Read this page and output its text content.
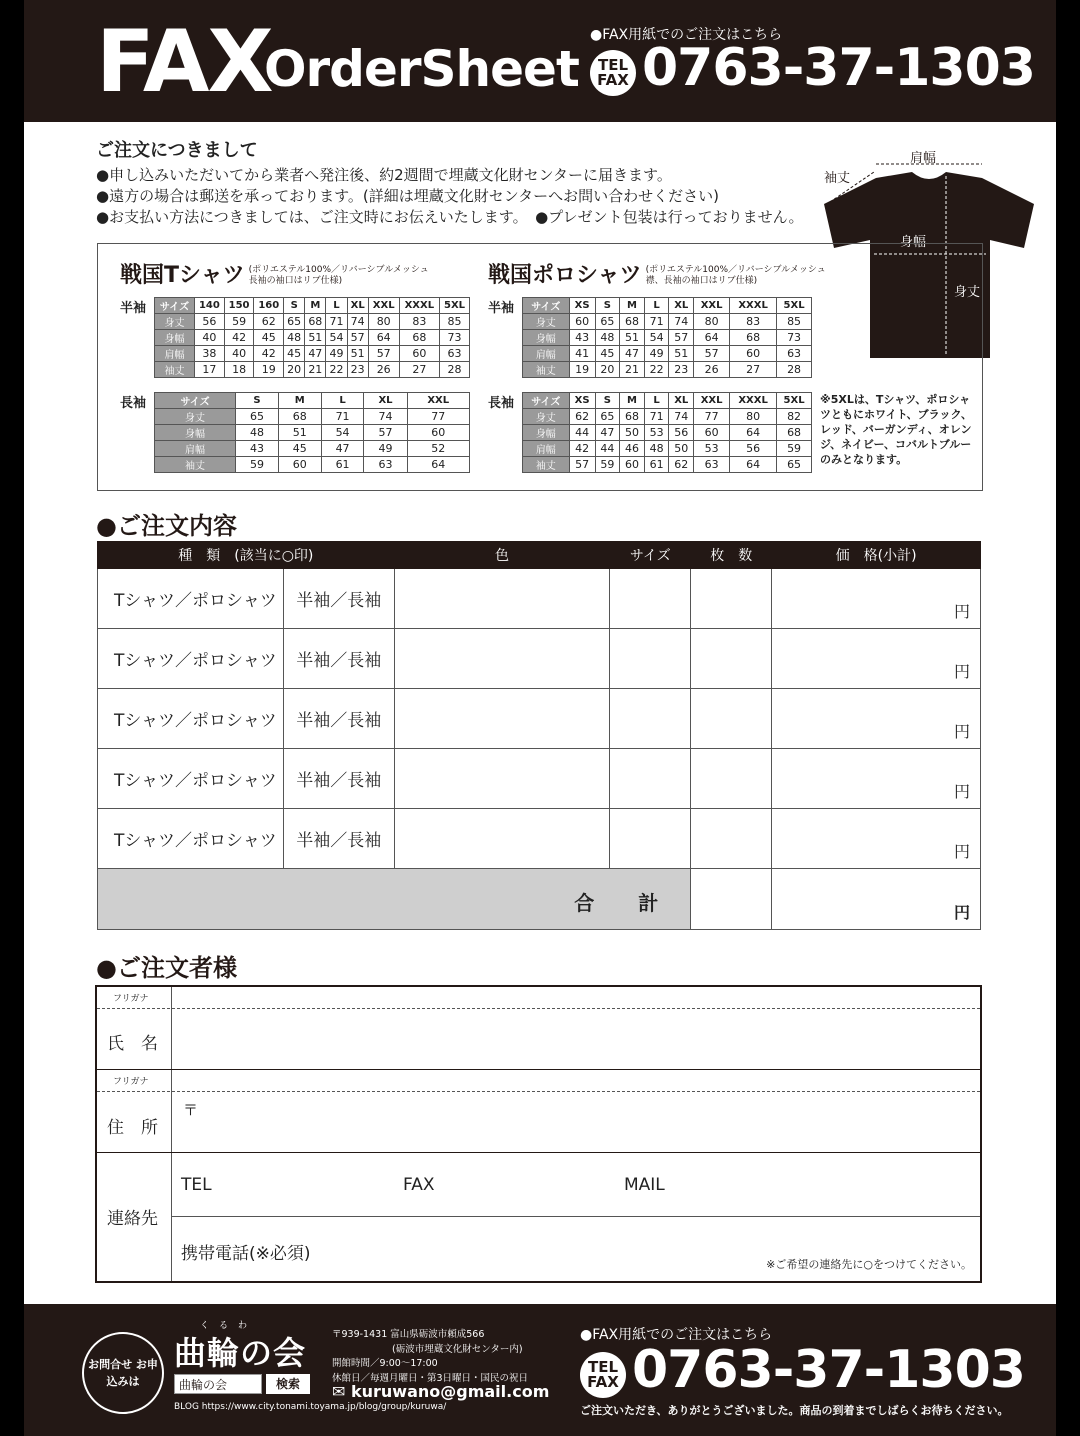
FAX
OrderSheet
●FAX用紙でのご注文はこちら
TEL
FAX 0763-37-1303
ご注文につきまして
●申し込みいただいてから業者へ発注後、約2週間で埋蔵文化財センターに届きます。
●遠方の場合は郵送を承っております。(詳細は埋蔵文化財センターへお問い合わせください)
●お支払い方法につきましては、ご注文時にお伝えいたします。　●プレゼント包装は行っておりません。
肩幅
袖丈
身幅
身丈
戦国Tシャツ (ポリエステル100%／リバーシブルメッシュ 長袖の袖口はリブ仕様)
半袖 サイズ	140	150	160	S	M	L	XL	XXL	XXXL	5XL
身丈	56	59	62	65	68	71	74	80	83	85
身幅	40	42	45	48	51	54	57	64	68	73
肩幅	38	40	42	45	47	49	51	57	60	63
袖丈	17	18	19	20	21	22	23	26	27	28
長袖	サイズ	S	M	L	XL	XXL
身丈	65	68	71	74	77
身幅	48	51	54	57	60
肩幅	43	45	47	49	52
袖丈	59	60	61	63	64
戦国ポロシャツ (ポリエステル100%／リバーシブルメッシュ 襟、長袖の袖口はリブ仕様)
半袖 サイズ	XS	S	M	L	XL	XXL	XXXL	5XL
身丈	60	65	68	71	74	80	83	85
身幅	43	48	51	54	57	64	68	73
肩幅	41	45	47	49	51	57	60	63
袖丈	19	20	21	22	23	26	27	28
長袖 サイズ	XS	S	M	L	XL	XXL	XXXL	5XL
身丈	62	65	68	71	74	77	80	82
身幅	44	47	50	53	56	60	64	68
肩幅	42	44	46	48	50	53	56	59
袖丈	57	59	60	61	62	63	64	65
※5XLは、Tシャツ、ポロシャツともにホワイト、ブラック、レッド、バーガンディ、オレンジ、ネイビー、コバルトブルーのみとなります。
●ご注文内容
種　類　(該当に○印)		色	サイズ	枚　数	価　格(小計)
Tシャツ／ポロシャツ	半袖／長袖				円

Tシャツ／ポロシャツ	半袖／長袖				円

Tシャツ／ポロシャツ	半袖／長袖				円

Tシャツ／ポロシャツ	半袖／長袖				円

Tシャツ／ポロシャツ	半袖／長袖				円

合　計					円
●ご注文者様
フリガナ
氏　名
フリガナ
住　所
〒
連絡先
TEL	FAX	MAIL
携帯電話(※必須)
※ご希望の連絡先に○をつけてください。
お問合せ お申込みは
くるわ
曲輪の会
曲輪の会	検索
BLOG https://www.city.tonami.toyama.jp/blog/group/kuruwa/
〒939-1431 富山県砺波市頼成566
(砺波市埋蔵文化財センター内)
開館時間／9:00〜17:00
休館日／毎週月曜日・第3日曜日・国民の祝日
✉ kuruwano@gmail.com
●FAX用紙でのご注文はこちら
TEL
FAX 0763-37-1303
ご注文いただき、ありがとうございました。商品の到着までしばらくお待ちください。
